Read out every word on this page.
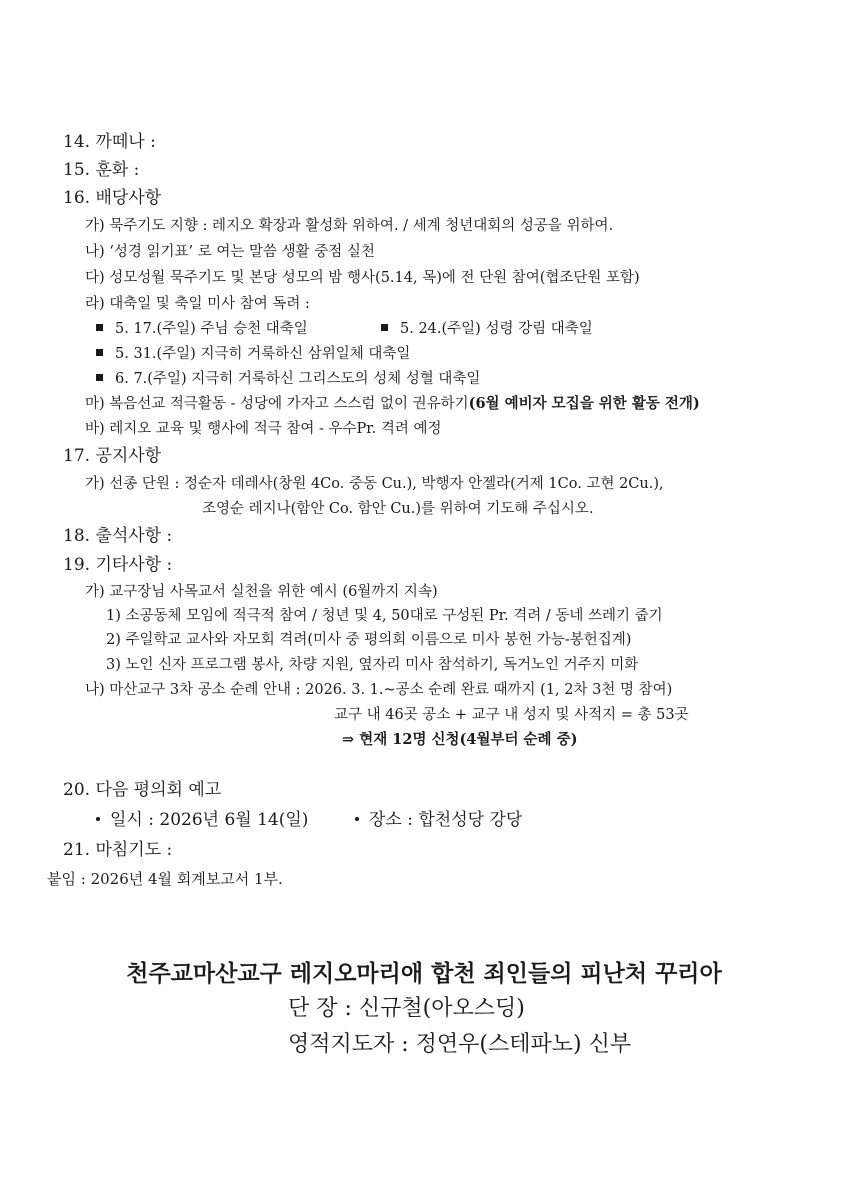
14. 까떼나 :
15. 훈화 :
16. 배당사항
가) 묵주기도 지향 : 레지오 확장과 활성화 위하여. / 세계 청년대회의 성공을 위하여.
나) ‘성경 읽기표’ 로 여는 말씀 생활 중점 실천
다) 성모성월 묵주기도 및 본당 성모의 밤 행사(5.14, 목)에 전 단원 참여(협조단원 포함)
라) 대축일 및 축일 미사 참여 독려 :
5. 17.(주일) 주님 승천 대축일	5. 24.(주일) 성령 강림 대축일
5. 31.(주일) 지극히 거룩하신 삼위일체 대축일
6. 7.(주일) 지극히 거룩하신 그리스도의 성체 성혈 대축일
마) 복음선교 적극활동 - 성당에 가자고 스스럼 없이 권유하기(6월 예비자 모집을 위한 활동 전개)
바) 레지오 교육 및 행사에 적극 참여 - 우수Pr. 격려 예정
17. 공지사항
가) 선종 단원 : 정순자 데레사(창원 4Co. 중동 Cu.), 박행자 안젤라(거제 1Co. 고현 2Cu.),
조영순 레지나(함안 Co. 함안 Cu.)를 위하여 기도해 주십시오.
18. 출석사항 :
19. 기타사항 :
가) 교구장님 사목교서 실천을 위한 예시 (6월까지 지속)
1) 소공동체 모임에 적극적 참여 / 청년 및 4, 50대로 구성된 Pr. 격려 / 동네 쓰레기 줍기
2) 주일학교 교사와 자모회 격려(미사 중 평의회 이름으로 미사 봉헌 가능-봉헌집계)
3) 노인 신자 프로그램 봉사, 차량 지원, 옆자리 미사 참석하기, 독거노인 거주지 미화
나) 마산교구 3차 공소 순례 안내 : 2026. 3. 1.~공소 순례 완료 때까지 (1, 2차 3천 명 참여)
교구 내 46곳 공소 + 교구 내 성지 및 사적지 = 총 53곳
⇒ 현재 12명 신청(4월부터 순례 중)
20. 다음 평의회 예고
일시 : 2026년 6월 14(일)	장소 : 합천성당 강당
21. 마침기도 :
붙임 : 2026년 4월 회계보고서 1부.
천주교마산교구 레지오마리애 합천 죄인들의 피난처 꾸리아
단 장 : 신규철(아오스딩)
영적지도자 : 정연우(스테파노) 신부
